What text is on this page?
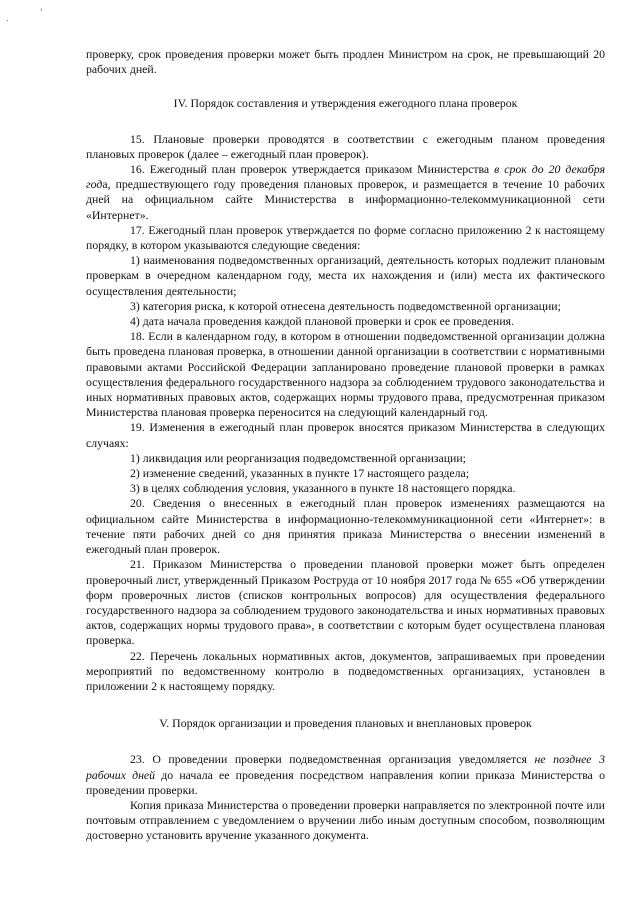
.
'

проверку, срок проведения проверки может быть продлен Министром на срок, не превышающий 20 рабочих дней.

IV. Порядок составления и утверждения ежегодного плана проверок

15. Плановые проверки проводятся в соответствии с ежегодным планом проведения плановых проверок (далее – ежегодный план проверок).

16. Ежегодный план проверок утверждается приказом Министерства в срок до 20 декабря года, предшествующего году проведения плановых проверок, и размещается в течение 10 рабочих дней на официальном сайте Министерства в информационно-телекоммуникационной сети «Интернет».

17. Ежегодный план проверок утверждается по форме согласно приложению 2 к настоящему порядку, в котором указываются следующие сведения:

1) наименования подведомственных организаций, деятельность которых подлежит плановым проверкам в очередном календарном году, места их нахождения и (или) места их фактического осуществления деятельности;

3) категория риска, к которой отнесена деятельность подведомственной организации;

4) дата начала проведения каждой плановой проверки и срок ее проведения.

18. Если в календарном году, в котором в отношении подведомственной организации должна быть проведена плановая проверка, в отношении данной организации в соответствии с нормативными правовыми актами Российской Федерации запланировано проведение плановой проверки в рамках осуществления федерального государственного надзора за соблюдением трудового законодательства и иных нормативных правовых актов, содержащих нормы трудового права, предусмотренная приказом Министерства плановая проверка переносится на следующий календарный год.

19. Изменения в ежегодный план проверок вносятся приказом Министерства в следующих случаях:

1) ликвидация или реорганизация подведомственной организации;

2) изменение сведений, указанных в пункте 17 настоящего раздела;

3) в целях соблюдения условия, указанного в пункте 18 настоящего порядка.

20. Сведения о внесенных в ежегодный план проверок изменениях размещаются на официальном сайте Министерства в информационно-телекоммуникационной сети «Интернет»: в течение пяти рабочих дней со дня принятия приказа Министерства о внесении изменений в ежегодный план проверок.

21. Приказом Министерства о проведении плановой проверки может быть определен проверочный лист, утвержденный Приказом Роструда от 10 ноября 2017 года № 655 «Об утверждении форм проверочных листов (списков контрольных вопросов) для осуществления федерального государственного надзора за соблюдением трудового законодательства и иных нормативных правовых актов, содержащих нормы трудового права», в соответствии с которым будет осуществлена плановая проверка.

22. Перечень локальных нормативных актов, документов, запрашиваемых при проведении мероприятий по ведомственному контролю в подведомственных организациях, установлен в приложении 2 к настоящему порядку.

V. Порядок организации и проведения плановых и внеплановых проверок

23. О проведении проверки подведомственная организация уведомляется не позднее 3 рабочих дней до начала ее проведения посредством направления копии приказа Министерства о проведении проверки.

Копия приказа Министерства о проведении проверки направляется по электронной почте или почтовым отправлением с уведомлением о вручении либо иным доступным способом, позволяющим достоверно установить вручение указанного документа.
